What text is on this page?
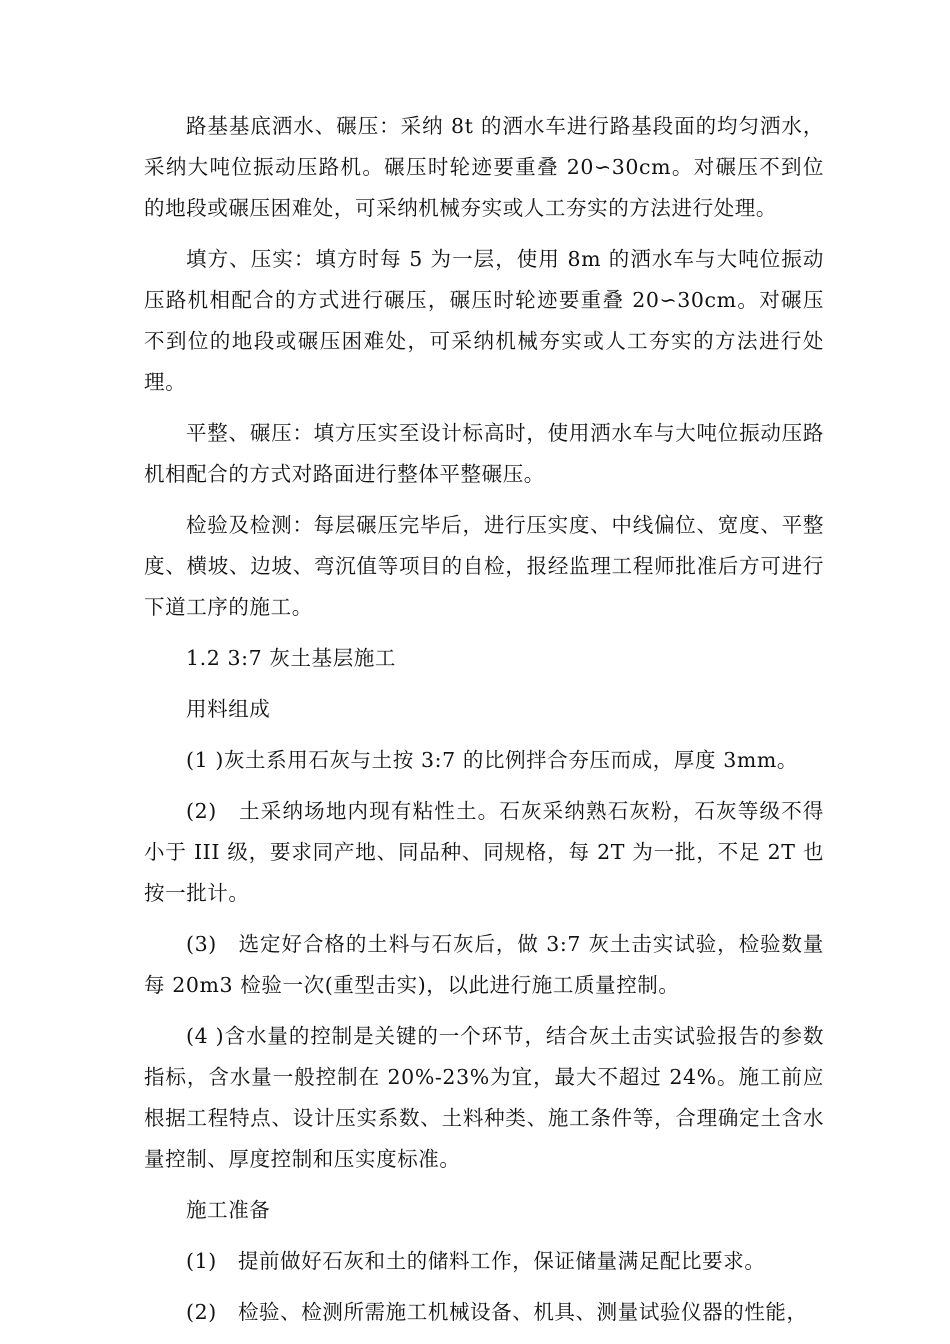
路基基底洒水、碾压：采纳 8t 的洒水车进行路基段面的均匀洒水，采纳大吨位振动压路机。碾压时轮迹要重叠 20∽30cm。对碾压不到位的地段或碾压困难处，可采纳机械夯实或人工夯实的方法进行处理。

填方、压实：填方时每 5 为一层，使用 8m 的洒水车与大吨位振动压路机相配合的方式进行碾压，碾压时轮迹要重叠 20∽30cm。对碾压不到位的地段或碾压困难处，可采纳机械夯实或人工夯实的方法进行处理。

平整、碾压：填方压实至设计标高时，使用洒水车与大吨位振动压路机相配合的方式对路面进行整体平整碾压。

检验及检测：每层碾压完毕后，进行压实度、中线偏位、宽度、平整度、横坡、边坡、弯沉值等项目的自检，报经监理工程师批准后方可进行下道工序的施工。

1.2 3:7 灰土基层施工

用料组成

(1 )灰土系用石灰与土按 3:7 的比例拌合夯压而成，厚度 3mm。

(2)　土采纳场地内现有粘性土。石灰采纳熟石灰粉，石灰等级不得小于 III 级，要求同产地、同品种、同规格，每 2T 为一批，不足 2T 也按一批计。

(3)　选定好合格的土料与石灰后，做 3:7 灰土击实试验，检验数量每 20m3 检验一次(重型击实)，以此进行施工质量控制。

(4 )含水量的控制是关键的一个环节，结合灰土击实试验报告的参数指标，含水量一般控制在 20%-23%为宜，最大不超过 24%。施工前应根据工程特点、设计压实系数、土料种类、施工条件等，合理确定土含水量控制、厚度控制和压实度标准。

施工准备

(1)　提前做好石灰和土的储料工作，保证储量满足配比要求。

(2)　检验、检测所需施工机械设备、机具、测量试验仪器的性能，
